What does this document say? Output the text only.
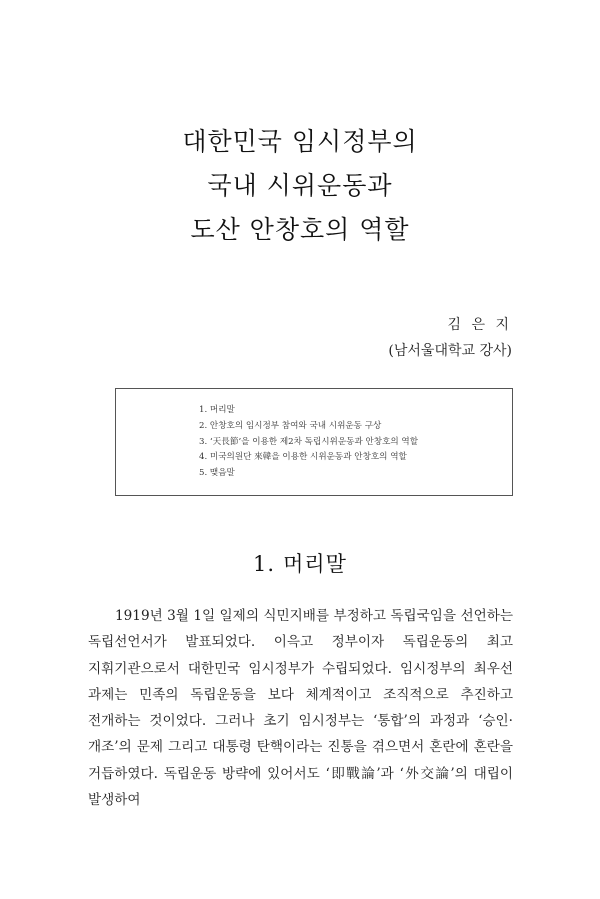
대한민국 임시정부의
국내 시위운동과
도산 안창호의 역할
김 은 지
(남서울대학교 강사)
1. 머리말
2. 안창호의 임시정부 참여와 국내 시위운동 구상
3. ‘天長節’을 이용한 제2차 독립시위운동과 안창호의 역할
4. 미국의원단 來韓을 이용한 시위운동과 안창호의 역할
5. 맺음말
1. 머리말

1919년 3월 1일 일제의 식민지배를 부정하고 독립국임을 선언하는 독립선언서가 발표되었다. 이윽고 정부이자 독립운동의 최고 지휘기관으로서 대한민국 임시정부가 수립되었다. 임시정부의 최우선 과제는 민족의 독립운동을 보다 체계적이고 조직적으로 추진하고 전개하는 것이었다. 그러나 초기 임시정부는 ‘통합’의 과정과 ‘승인·개조’의 문제 그리고 대통령 탄핵이라는 진통을 겪으면서 혼란에 혼란을 거듭하였다. 독립운동 방략에 있어서도 ‘即戰論’과 ‘外交論’의 대립이 발생하여
